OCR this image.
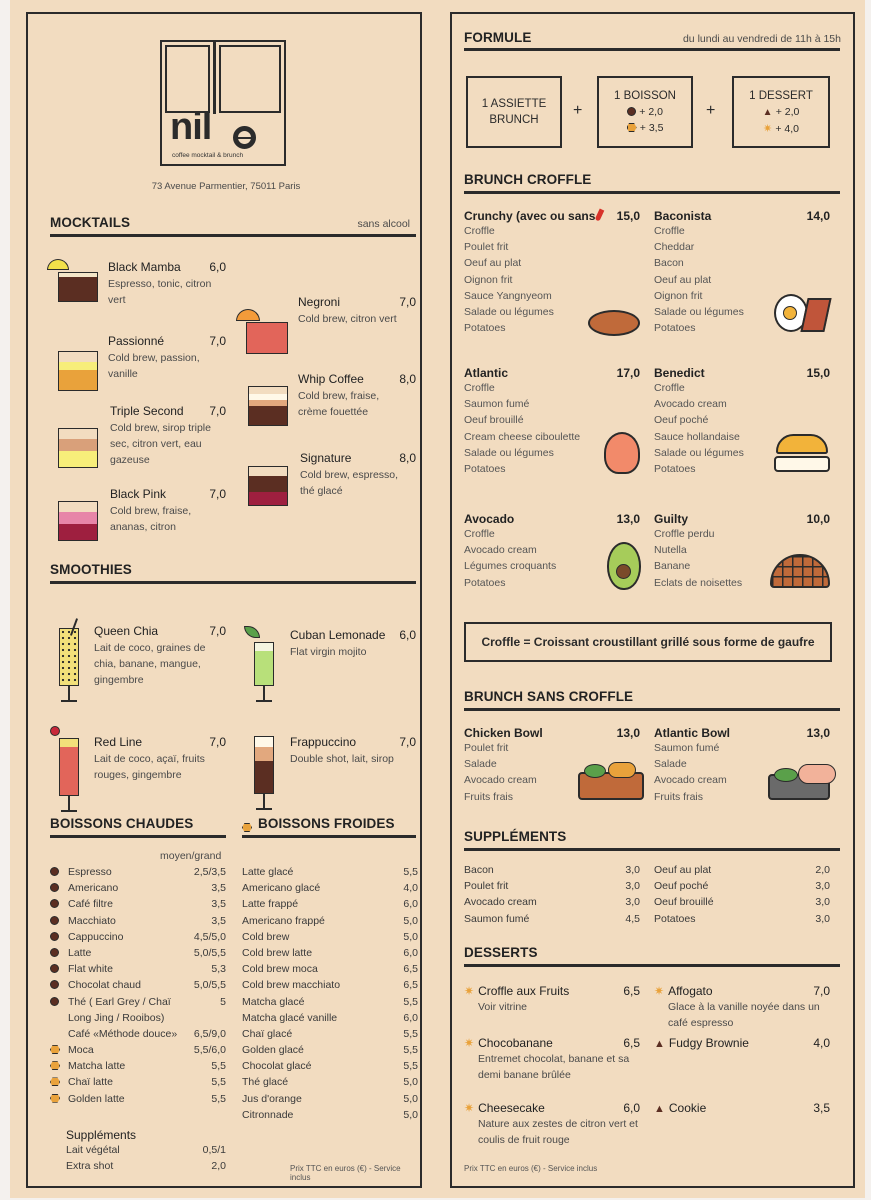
nil
coffee mocktail & brunch
73 Avenue Parmentier, 75011 Paris
MOCKTAILS	sans alcool
Black Mamba	6,0
Espresso, tonic, citron vert
Passionné	7,0
Cold brew, passion, vanille
Triple Second	7,0
Cold brew, sirop triple sec, citron vert, eau gazeuse
Black Pink	7,0
Cold brew, fraise, ananas, citron
Negroni	7,0
Cold brew, citron vert
Whip Coffee	8,0
Cold brew, fraise, crème fouettée
Signature	8,0
Cold brew, espresso, thé glacé
SMOOTHIES
Queen Chia	7,0
Lait de coco, graines de chia, banane, mangue, gingembre
Red Line	7,0
Lait de coco, açaï, fruits rouges, gingembre
Cuban Lemonade	6,0
Flat virgin mojito
Frappuccino	7,0
Double shot, lait, sirop
BOISSONS CHAUDES
moyen/grand
Espresso	2,5/3,5
Americano	3,5
Café filtre	3,5
Macchiato	3,5
Cappuccino	4,5/5,0
Latte	5,0/5,5
Flat white	5,3
Chocolat chaud	5,0/5,5
Thé ( Earl Grey / Chaï	5
Long Jing / Rooibos)
Café «Méthode douce» 6,5/9,0
Moca	5,5/6,0
Matcha latte	5,5
Chaï latte	5,5
Golden latte	5,5
Suppléments
Lait végétal	0,5/1
Extra shot	2,0
BOISSONS FROIDES
Latte glacé	5,5
Americano glacé	4,0
Latte frappé	6,0
Americano frappé	5,0
Cold brew	5,0
Cold brew latte	6,0
Cold brew moca	6,5
Cold brew macchiato	6,5
Matcha glacé	5,5
Matcha glacé vanille	6,0
Chaï glacé	5,5
Golden glacé	5,5
Chocolat glacé	5,5
Thé glacé	5,0
Jus d'orange	5,0
Citronnade	5,0
Prix TTC en euros (€) - Service inclus
FORMULE	du lundi au vendredi de 11h à 15h
1 ASSIETTE BRUNCH
+
1 BOISSON
+ 2,0
+ 3,5
+
1 DESSERT
▲ + 2,0
✷ + 4,0
BRUNCH CROFFLE
Crunchy (avec ou sans 15,0
Croffle
Poulet frit
Oeuf au plat
Oignon frit
Sauce Yangnyeom
Salade ou légumes
Potatoes
Baconista	14,0
Croffle
Cheddar
Bacon
Oeuf au plat
Oignon frit
Salade ou légumes
Potatoes
Atlantic	17,0
Croffle
Saumon fumé
Oeuf brouillé
Cream cheese ciboulette
Salade ou légumes
Potatoes
Benedict	15,0
Croffle
Avocado cream
Oeuf poché
Sauce hollandaise
Salade ou légumes
Potatoes
Avocado	13,0
Croffle
Avocado cream
Légumes croquants
Potatoes
Guilty	10,0
Croffle perdu
Nutella
Banane
Eclats de noisettes
Croffle = Croissant croustillant grillé sous forme de gaufre
BRUNCH SANS CROFFLE
Chicken Bowl	13,0
Poulet frit
Salade
Avocado cream
Fruits frais
Atlantic Bowl	13,0
Saumon fumé
Salade
Avocado cream
Fruits frais
SUPPLÉMENTS
Bacon	3,0
Poulet frit	3,0
Avocado cream	3,0
Saumon fumé	4,5
Oeuf au plat	2,0
Oeuf poché	3,0
Oeuf brouillé	3,0
Potatoes	3,0
DESSERTS
✷ Croffle aux Fruits	6,5
Voir vitrine
✷ Affogato	7,0
Glace à la vanille noyée dans un café espresso
✷ Chocobanane	6,5
Entremet chocolat, banane et sa demi banane brûlée
▲ Fudgy Brownie	4,0
✷ Cheesecake	6,0
Nature aux zestes de citron vert et coulis de fruit rouge
▲ Cookie	3,5
Prix TTC en euros (€) - Service inclus
